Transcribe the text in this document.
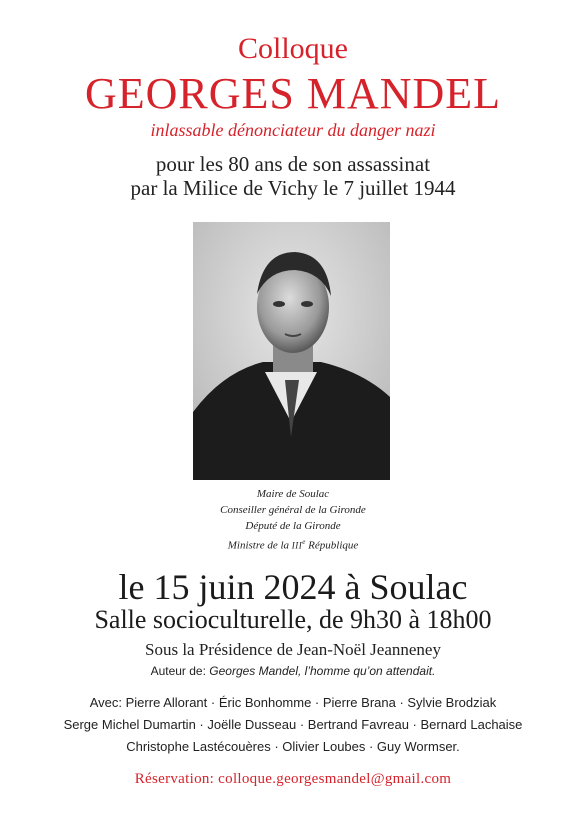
Colloque
GEORGES MANDEL
inlassable dénonciateur du danger nazi
pour les 80 ans de son assassinat
par la Milice de Vichy le 7 juillet 1944
Maire de Soulac
Conseiller général de la Gironde
Député de la Gironde
Ministre de la IIIe République
le 15 juin 2024 à Soulac
Salle socioculturelle, de 9h30 à 18h00
Sous la Présidence de Jean-Noël Jeanneney
Auteur de: Georges Mandel, l’homme qu’on attendait.
Avec: Pierre Allorant · Éric Bonhomme · Pierre Brana · Sylvie Brodziak
Serge Michel Dumartin · Joëlle Dusseau · Bertrand Favreau · Bernard Lachaise
Christophe Lastécouères · Olivier Loubes · Guy Wormser.
Réservation: colloque.georgesmandel@gmail.com
